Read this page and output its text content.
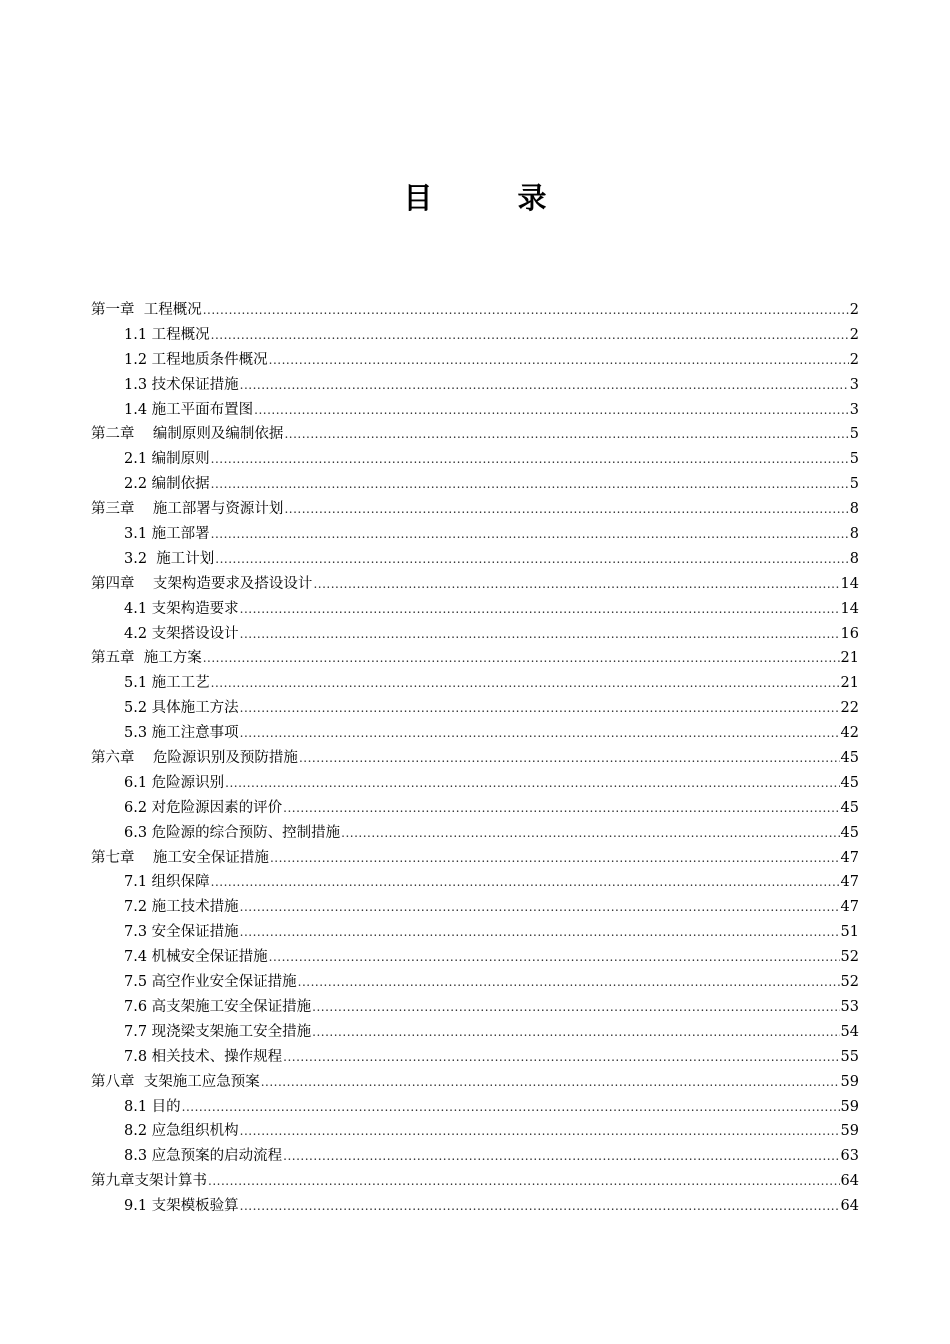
目　录
第一章  工程概况 .....	2
1.1 工程概况 .....	2
1.2 工程地质条件概况 .....	2
1.3 技术保证措施 .....	3
1.4 施工平面布置图 .....	3
第二章    编制原则及编制依据 .....	5
2.1 编制原则 .....	5
2.2 编制依据 .....	5
第三章    施工部署与资源计划 .....	8
3.1 施工部署 .....	8
3.2  施工计划 .....	8
第四章    支架构造要求及搭设设计 .....	14
4.1 支架构造要求 .....	14
4.2 支架搭设设计 .....	16
第五章  施工方案 .....	21
5.1 施工工艺 .....	21
5.2 具体施工方法 .....	22
5.3 施工注意事项 .....	42
第六章    危险源识别及预防措施 .....	45
6.1 危险源识别 .....	45
6.2 对危险源因素的评价 .....	45
6.3 危险源的综合预防、控制措施 .....	45
第七章    施工安全保证措施 .....	47
7.1 组织保障 .....	47
7.2 施工技术措施 .....	47
7.3 安全保证措施 .....	51
7.4 机械安全保证措施 .....	52
7.5 高空作业安全保证措施 .....	52
7.6 高支架施工安全保证措施 .....	53
7.7 现浇梁支架施工安全措施 .....	54
7.8 相关技术、操作规程 .....	55
第八章  支架施工应急预案 .....	59
8.1 目的 .....	59
8.2 应急组织机构 .....	59
8.3 应急预案的启动流程 .....	63
第九章支架计算书 .....	64
9.1 支架模板验算 .....	64
